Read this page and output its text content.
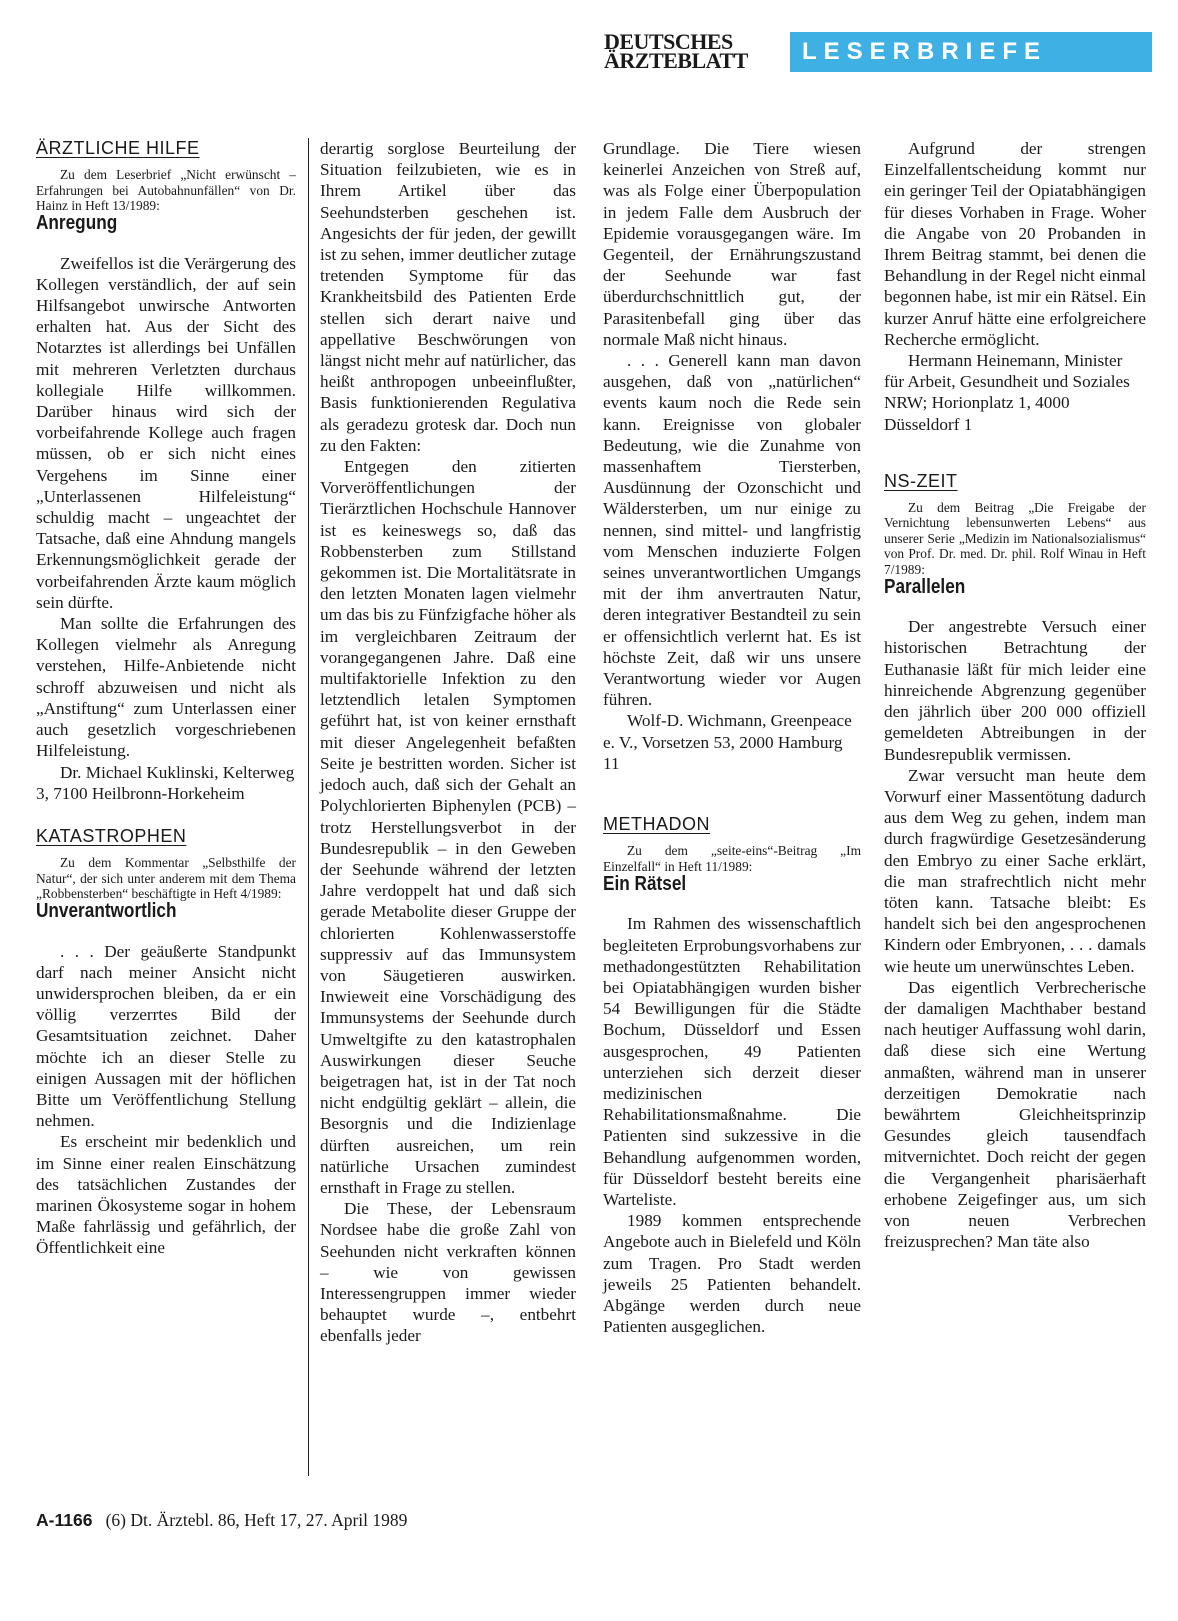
DEUTSCHES
ÄRZTEBLATT	LESERBRIEFE
ÄRZTLICHE HILFE

Zu dem Leserbrief „Nicht erwünscht – Erfahrungen bei Autobahnunfällen“ von Dr. Hainz in Heft 13/1989:

Anregung

Zweifellos ist die Verärgerung des Kollegen verständlich, der auf sein Hilfsangebot unwirsche Antworten erhalten hat. Aus der Sicht des Notarztes ist allerdings bei Unfällen mit mehreren Verletzten durchaus kollegiale Hilfe willkommen. Darüber hinaus wird sich der vorbeifahrende Kollege auch fragen müssen, ob er sich nicht eines Vergehens im Sinne einer „Unterlassenen Hilfeleistung“ schuldig macht – ungeachtet der Tatsache, daß eine Ahndung mangels Erkennungsmöglichkeit gerade der vorbeifahrenden Ärzte kaum möglich sein dürfte.

Man sollte die Erfahrungen des Kollegen vielmehr als Anregung verstehen, Hilfe-Anbietende nicht schroff abzuweisen und nicht als „Anstiftung“ zum Unterlassen einer auch gesetzlich vorgeschriebenen Hilfeleistung.

Dr. Michael Kuklinski, Kelterweg 3, 7100 Heilbronn-Horkeheim

KATASTROPHEN

Zu dem Kommentar „Selbsthilfe der Natur“, der sich unter anderem mit dem Thema „Robbensterben“ beschäftigte in Heft 4/1989:

Unverantwortlich

. . . Der geäußerte Standpunkt darf nach meiner Ansicht nicht unwidersprochen bleiben, da er ein völlig verzerrtes Bild der Gesamtsituation zeichnet. Daher möchte ich an dieser Stelle zu einigen Aussagen mit der höflichen Bitte um Veröffentlichung Stellung nehmen.

Es erscheint mir bedenklich und im Sinne einer realen Einschätzung des tatsächlichen Zustandes der marinen Ökosysteme sogar in hohem Maße fahrlässig und gefährlich, der Öffentlichkeit eine

derartig sorglose Beurteilung der Situation feilzubieten, wie es in Ihrem Artikel über das Seehundsterben geschehen ist. Angesichts der für jeden, der gewillt ist zu sehen, immer deutlicher zutage tretenden Symptome für das Krankheitsbild des Patienten Erde stellen sich derart naive und appellative Beschwörungen von längst nicht mehr auf natürlicher, das heißt anthropogen unbeeinflußter, Basis funktionierenden Regulativa als geradezu grotesk dar. Doch nun zu den Fakten:

Entgegen den zitierten Vorveröffentlichungen der Tierärztlichen Hochschule Hannover ist es keineswegs so, daß das Robbensterben zum Stillstand gekommen ist. Die Mortalitätsrate in den letzten Monaten lagen vielmehr um das bis zu Fünfzigfache höher als im vergleichbaren Zeitraum der vorangegangenen Jahre. Daß eine multifaktorielle Infektion zu den letztendlich letalen Symptomen geführt hat, ist von keiner ernsthaft mit dieser Angelegenheit befaßten Seite je bestritten worden. Sicher ist jedoch auch, daß sich der Gehalt an Polychlorierten Biphenylen (PCB) – trotz Herstellungsverbot in der Bundesrepublik – in den Geweben der Seehunde während der letzten Jahre verdoppelt hat und daß sich gerade Metabolite dieser Gruppe der chlorierten Kohlenwasserstoffe suppressiv auf das Immunsystem von Säugetieren auswirken. Inwieweit eine Vorschädigung des Immunsystems der Seehunde durch Umweltgifte zu den katastrophalen Auswirkungen dieser Seuche beigetragen hat, ist in der Tat noch nicht endgültig geklärt – allein, die Besorgnis und die Indizienlage dürften ausreichen, um rein natürliche Ursachen zumindest ernsthaft in Frage zu stellen.

Die These, der Lebensraum Nordsee habe die große Zahl von Seehunden nicht verkraften können – wie von gewissen Interessengruppen immer wieder behauptet wurde –, entbehrt ebenfalls jeder

Grundlage. Die Tiere wiesen keinerlei Anzeichen von Streß auf, was als Folge einer Überpopulation in jedem Falle dem Ausbruch der Epidemie vorausgegangen wäre. Im Gegenteil, der Ernährungszustand der Seehunde war fast überdurchschnittlich gut, der Parasitenbefall ging über das normale Maß nicht hinaus.

. . . Generell kann man davon ausgehen, daß von „natürlichen“ events kaum noch die Rede sein kann. Ereignisse von globaler Bedeutung, wie die Zunahme von massenhaftem Tiersterben, Ausdünnung der Ozonschicht und Wäldersterben, um nur einige zu nennen, sind mittel- und langfristig vom Menschen induzierte Folgen seines unverantwortlichen Umgangs mit der ihm anvertrauten Natur, deren integrativer Bestandteil zu sein er offensichtlich verlernt hat. Es ist höchste Zeit, daß wir uns unsere Verantwortung wieder vor Augen führen.

Wolf-D. Wichmann, Greenpeace e. V., Vorsetzen 53, 2000 Hamburg 11

METHADON

Zu dem „seite-eins“-Beitrag „Im Einzelfall“ in Heft 11/1989:

Ein Rätsel

Im Rahmen des wissenschaftlich begleiteten Erprobungsvorhabens zur methadongestützten Rehabilitation bei Opiatabhängigen wurden bisher 54 Bewilligungen für die Städte Bochum, Düsseldorf und Essen ausgesprochen, 49 Patienten unterziehen sich derzeit dieser medizinischen Rehabilitationsmaßnahme. Die Patienten sind sukzessive in die Behandlung aufgenommen worden, für Düsseldorf besteht bereits eine Warteliste.

1989 kommen entsprechende Angebote auch in Bielefeld und Köln zum Tragen. Pro Stadt werden jeweils 25 Patienten behandelt. Abgänge werden durch neue Patienten ausgeglichen.

Aufgrund der strengen Einzelfallentscheidung kommt nur ein geringer Teil der Opiatabhängigen für dieses Vorhaben in Frage. Woher die Angabe von 20 Probanden in Ihrem Beitrag stammt, bei denen die Behandlung in der Regel nicht einmal begonnen habe, ist mir ein Rätsel. Ein kurzer Anruf hätte eine erfolgreichere Recherche ermöglicht.

Hermann Heinemann, Minister für Arbeit, Gesundheit und Soziales NRW; Horionplatz 1, 4000 Düsseldorf 1

NS-ZEIT

Zu dem Beitrag „Die Freigabe der Vernichtung lebensunwerten Lebens“ aus unserer Serie „Medizin im Nationalsozialismus“ von Prof. Dr. med. Dr. phil. Rolf Winau in Heft 7/1989:

Parallelen

Der angestrebte Versuch einer historischen Betrachtung der Euthanasie läßt für mich leider eine hinreichende Abgrenzung gegenüber den jährlich über 200 000 offiziell gemeldeten Abtreibungen in der Bundesrepublik vermissen.

Zwar versucht man heute dem Vorwurf einer Massentötung dadurch aus dem Weg zu gehen, indem man durch fragwürdige Gesetzesänderung den Embryo zu einer Sache erklärt, die man strafrechtlich nicht mehr töten kann. Tatsache bleibt: Es handelt sich bei den angesprochenen Kindern oder Embryonen, . . . damals wie heute um unerwünschtes Leben.

Das eigentlich Verbrecherische der damaligen Machthaber bestand nach heutiger Auffassung wohl darin, daß diese sich eine Wertung anmaßten, während man in unserer derzeitigen Demokratie nach bewährtem Gleichheitsprinzip Gesundes gleich tausendfach mitvernichtet. Doch reicht der gegen die Vergangenheit pharisäerhaft erhobene Zeigefinger aus, um sich von neuen Verbrechen freizusprechen? Man täte also

A-1166 (6) Dt. Ärztebl. 86, Heft 17, 27. April 1989
